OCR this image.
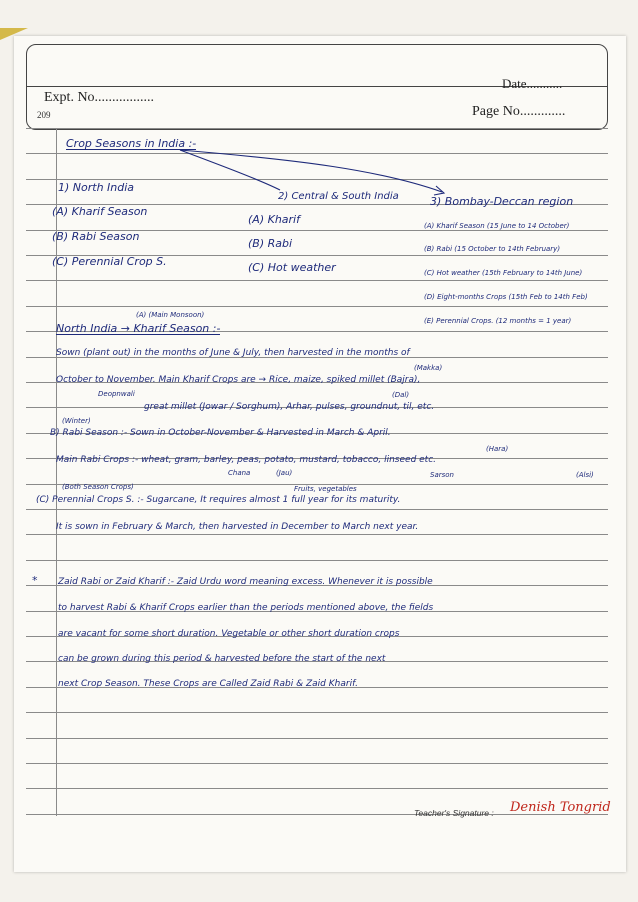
Date...........
Expt. No.................
Page No.............
209
Crop Seasons in India :-
1) North India
(A) Kharif Season
(B) Rabi Season
(C) Perennial Crop S.
2) Central & South India
(A) Kharif
(B) Rabi
(C) Hot weather
3) Bombay-Deccan region
(A) Kharif Season (15 June to 14 October)
(B) Rabi (15 October to 14th February)
(C) Hot weather (15th February to 14th June)
(D) Eight-months Crops (15th Feb to 14th Feb)
(E) Perennial Crops. (12 months = 1 year)
(A) (Main Monsoon)
North India → Kharif Season :-
Sown (plant out) in the months of June & July, then harvested in the months of
(Makka)
October to November. Main Kharif Crops are → Rice, maize, spiked millet (Bajra),
Deopnwali	(Dal)
great millet (Jowar / Sorghum), Arhar, pulses, groundnut, til, etc.
(Winter)
B) Rabi Season :- Sown in October-November & Harvested in March & April.
(Hara)
Main Rabi Crops :- wheat, gram, barley, peas, potato, mustard, tobacco, linseed etc.
Chana	(Jau)	Sarson	(Alsi)
(Both Season Crops)	Fruits, vegetables
(C) Perennial Crops S. :- Sugarcane, It requires almost 1 full year for its maturity.
It is sown in February & March, then harvested in December to March next year.
* Zaid Rabi or Zaid Kharif :- Zaid Urdu word meaning excess. Whenever it is possible
to harvest Rabi & Kharif Crops earlier than the periods mentioned above, the fields
are vacant for some short duration. Vegetable or other short duration crops
can be grown during this period & harvested before the start of the next
next Crop Season. These Crops are Called Zaid Rabi & Zaid Kharif.
Teacher's Signature : Denish Tongrid
